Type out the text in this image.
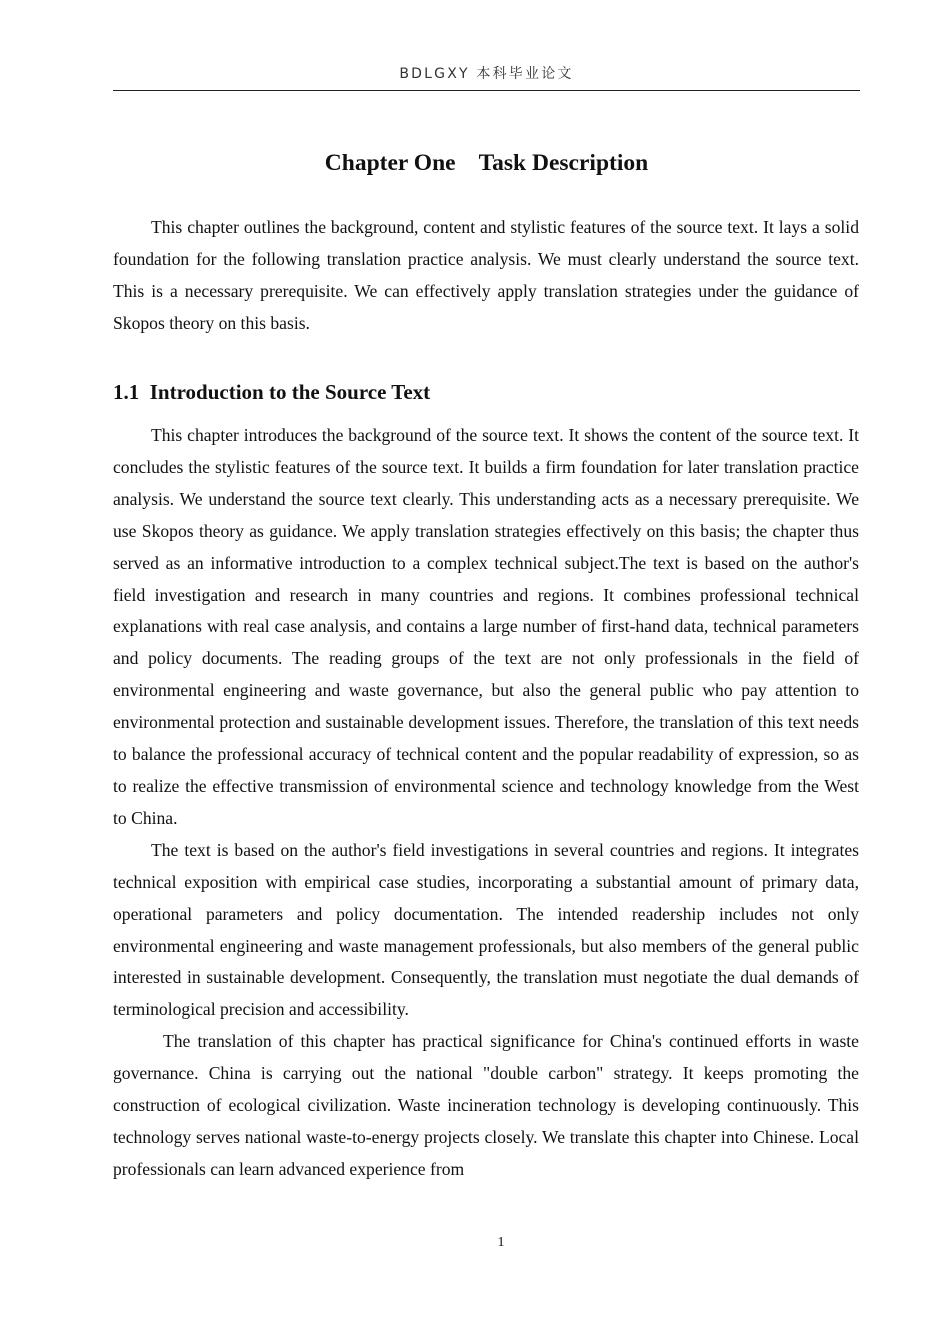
BDLGXY 本科毕业论文
Chapter One    Task Description

This chapter outlines the background, content and stylistic features of the source text. It lays a solid foundation for the following translation practice analysis. We must clearly understand the source text. This is a necessary prerequisite. We can effectively apply translation strategies under the guidance of Skopos theory on this basis.

1.1  Introduction to the Source Text

This chapter introduces the background of the source text. It shows the content of the source text. It concludes the stylistic features of the source text. It builds a firm foundation for later translation practice analysis. We understand the source text clearly. This understanding acts as a necessary prerequisite. We use Skopos theory as guidance. We apply translation strategies effectively on this basis; the chapter thus served as an informative introduction to a complex technical subject.The text is based on the author's field investigation and research in many countries and regions. It combines professional technical explanations with real case analysis, and contains a large number of first-hand data, technical parameters and policy documents. The reading groups of the text are not only professionals in the field of environmental engineering and waste governance, but also the general public who pay attention to environmental protection and sustainable development issues. Therefore, the translation of this text needs to balance the professional accuracy of technical content and the popular readability of expression, so as to realize the effective transmission of environmental science and technology knowledge from the West to China.

The text is based on the author's field investigations in several countries and regions. It integrates technical exposition with empirical case studies, incorporating a substantial amount of primary data, operational parameters and policy documentation. The intended readership includes not only environmental engineering and waste management professionals, but also members of the general public interested in sustainable development. Consequently, the translation must negotiate the dual demands of terminological precision and accessibility.

The translation of this chapter has practical significance for China's continued efforts in waste governance. China is carrying out the national "double carbon" strategy. It keeps promoting the construction of ecological civilization. Waste incineration technology is developing continuously. This technology serves national waste-to-energy projects closely. We translate this chapter into Chinese. Local professionals can learn advanced experience from

1
